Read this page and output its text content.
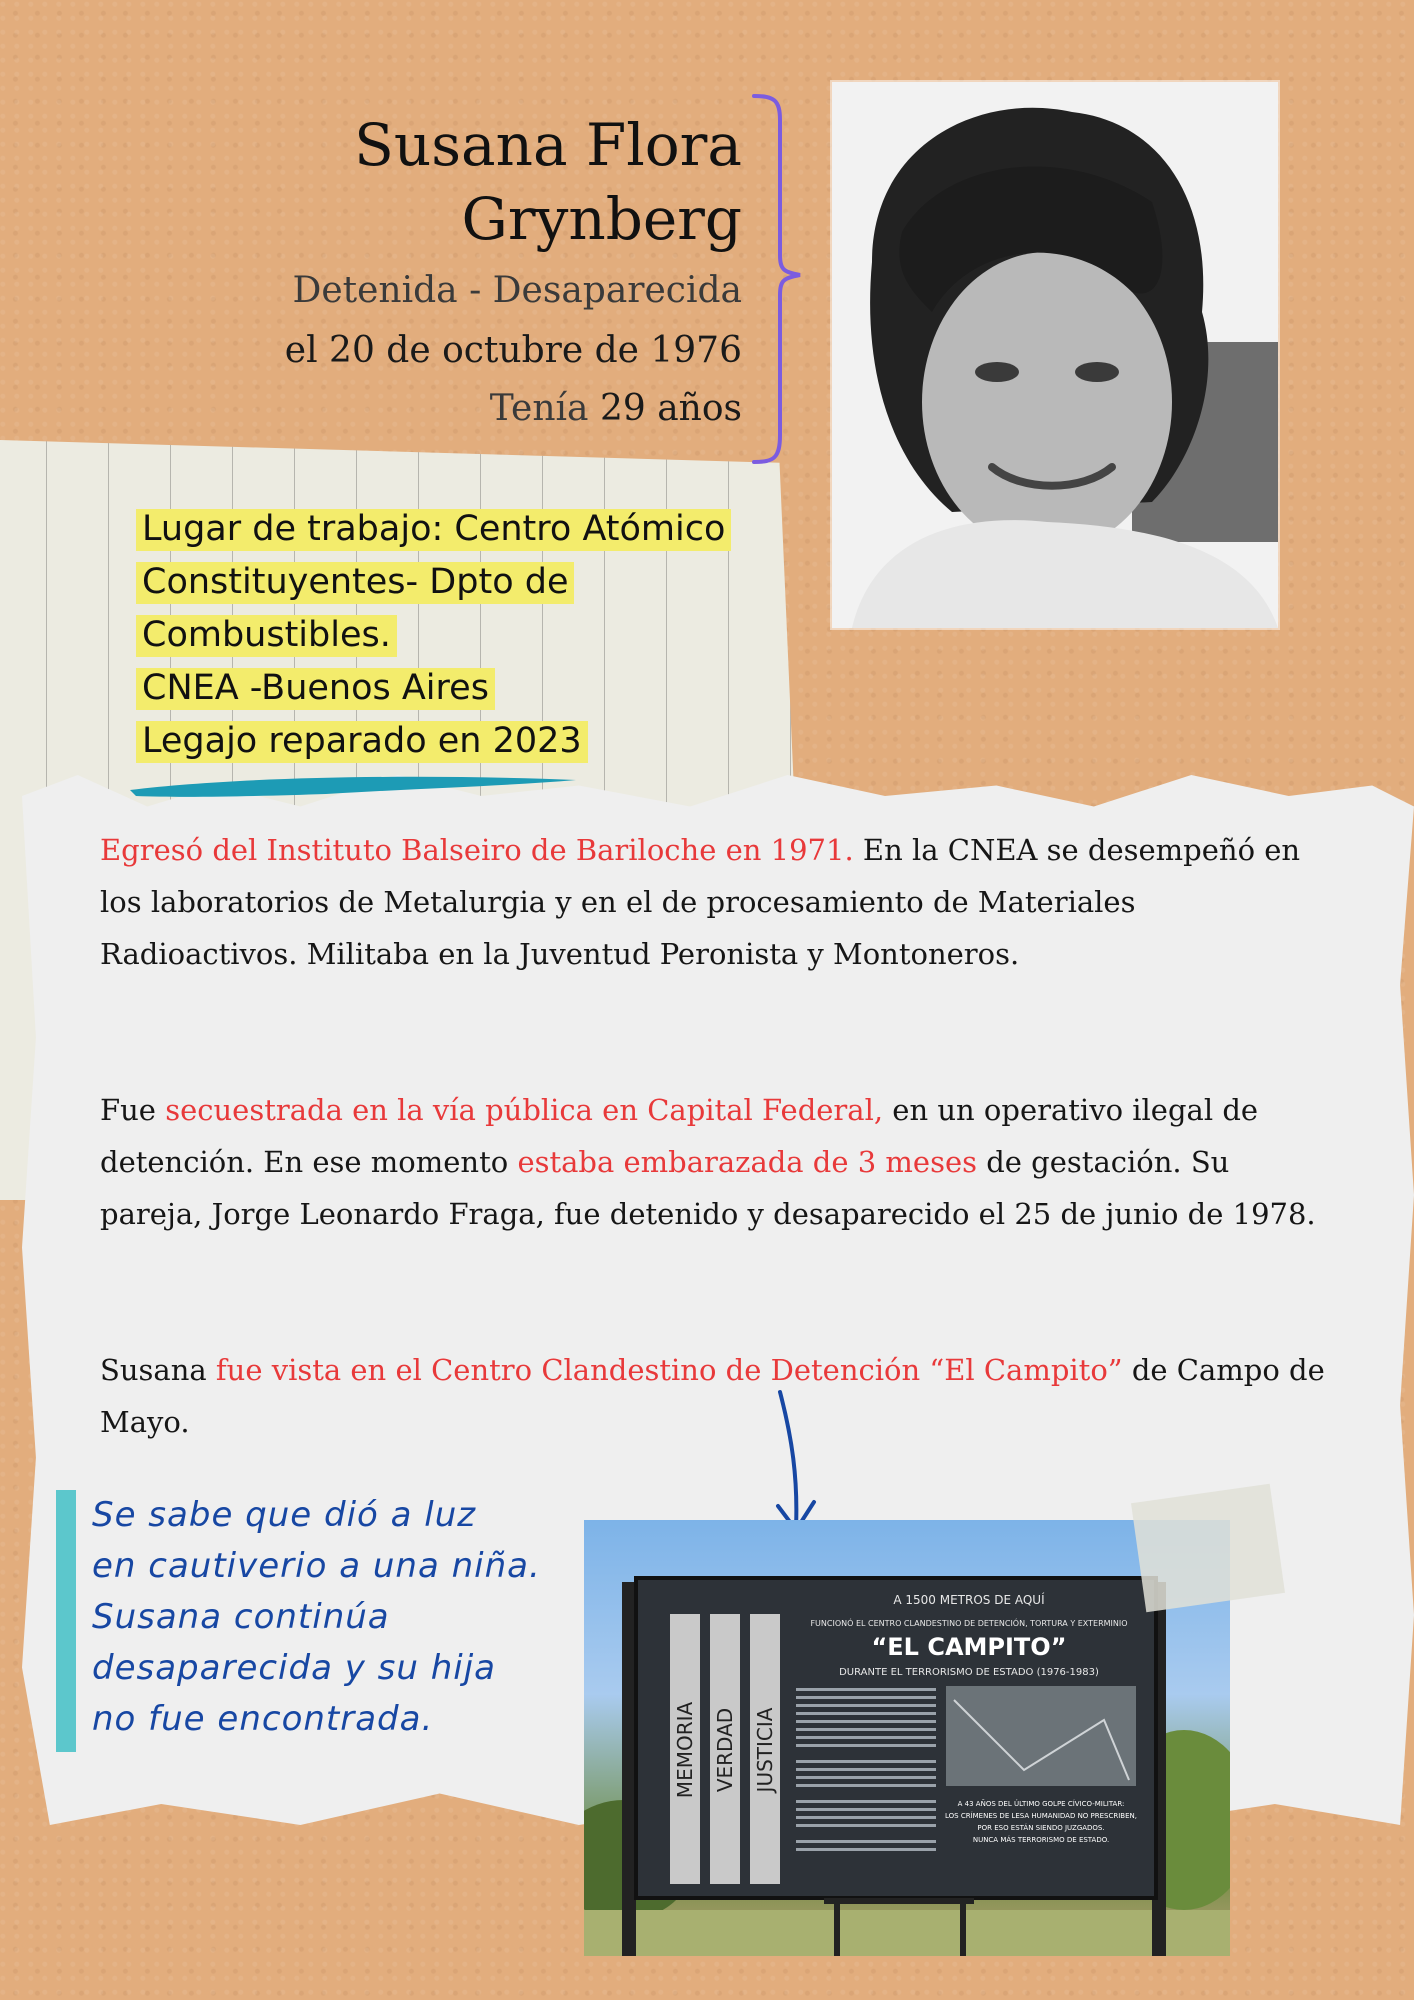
Susana Flora
Grynberg
Detenida - Desaparecida
el 20 de octubre de 1976
Tenía 29 años
Lugar de trabajo: Centro Atómico
Constituyentes- Dpto de
Combustibles.
CNEA -Buenos Aires
Legajo reparado en 2023
Egresó del Instituto Balseiro de Bariloche en 1971. En la CNEA se desempeñó en los laboratorios de Metalurgia y en el de procesamiento de Materiales Radioactivos. Militaba en la Juventud Peronista y Montoneros.
Fue secuestrada en la vía pública en Capital Federal, en un operativo ilegal de detención. En ese momento estaba embarazada de 3 meses de gestación. Su pareja, Jorge Leonardo Fraga, fue detenido y desaparecido el 25 de junio de 1978.
Susana fue vista en el Centro Clandestino de Detención “El Campito” de Campo de Mayo.
Se sabe que dió a luz
en cautiverio a una niña.
Susana continúa
desaparecida y su hija
no fue encontrada.	MEMORIA VERDAD JUSTICIA
A 1500 METROS DE AQUÍ
FUNCIONÓ EL CENTRO CLANDESTINO DE DETENCIÓN, TORTURA Y EXTERMINIO
“EL CAMPITO”
DURANTE EL TERRORISMO DE ESTADO (1976-1983)
A 43 AÑOS DEL ÚLTIMO GOLPE CÍVICO-MILITAR:
LOS CRÍMENES DE LESA HUMANIDAD NO PRESCRIBEN,
POR ESO ESTÁN SIENDO JUZGADOS.
NUNCA MÁS TERRORISMO DE ESTADO.
